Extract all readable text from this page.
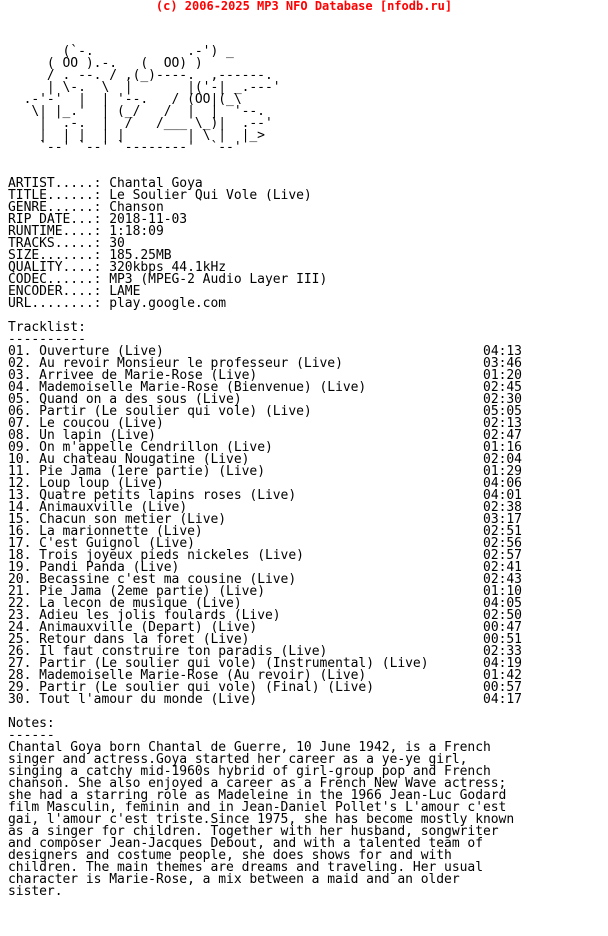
(c) 2006-2025 MP3 NFO Database [nfodb.ru]

(`-.            .-') _
( OO ).-.   (  OO) )
/ . --. / ,(_)----.  ,------.
| \-.  \  |       |('-| _.---'
.-'-'  |  | '--.   / (OO|(_\
\| |_.'  | (_/   /  |  |  '--.
|  .-.  |  /   /___ \_)|  .--'
|  | |  | |        | \ |  |_>
`--' `--' `--------'  `--'

ARTIST.....: Chantal Goya
TITLE......: Le Soulier Qui Vole (Live)
GENRE......: Chanson
RIP DATE...: 2018-11-03
RUNTIME....: 1:18:09
TRACKS.....: 30
SIZE.......: 185.25MB
QUALITY....: 320kbps 44.1kHz
CODEC......: MP3 (MPEG-2 Audio Layer III)
ENCODER....: LAME
URL........: play.google.com

Tracklist:
----------
01. Ouverture (Live)	04:13
02. Au revoir Monsieur le professeur (Live)	03:46
03. Arrivee de Marie-Rose (Live)	01:20
04. Mademoiselle Marie-Rose (Bienvenue) (Live)	02:45
05. Quand on a des sous (Live)	02:30
06. Partir (Le soulier qui vole) (Live)	05:05
07. Le coucou (Live)	02:13
08. Un lapin (Live)	02:47
09. On m'appelle Cendrillon (Live)	01:16
10. Au chateau Nougatine (Live)	02:04
11. Pie Jama (1ere partie) (Live)	01:29
12. Loup loup (Live)	04:06
13. Quatre petits lapins roses (Live)	04:01
14. Animauxville (Live)	02:38
15. Chacun son metier (Live)	03:17
16. La marionnette (Live)	02:51
17. C'est Guignol (Live)	02:56
18. Trois joyeux pieds nickeles (Live)	02:57
19. Pandi Panda (Live)	02:41
20. Becassine c'est ma cousine (Live)	02:43
21. Pie Jama (2eme partie) (Live)	01:10
22. La lecon de musique (Live)	04:05
23. Adieu les jolis foulards (Live)	02:50
24. Animauxville (Depart) (Live)	00:47
25. Retour dans la foret (Live)	00:51
26. Il faut construire ton paradis (Live)	02:33
27. Partir (Le soulier qui vole) (Instrumental) (Live)	04:19
28. Mademoiselle Marie-Rose (Au revoir) (Live)	01:42
29. Partir (Le soulier qui vole) (Final) (Live)	00:57
30. Tout l'amour du monde (Live)	04:17

Notes:
------
Chantal Goya born Chantal de Guerre, 10 June 1942, is a French
singer and actress.Goya started her career as a ye-ye girl,
singing a catchy mid-1960s hybrid of girl-group pop and French
chanson. She also enjoyed a career as a French New Wave actress;
she had a starring role as Madeleine in the 1966 Jean-Luc Godard
film Masculin, feminin and in Jean-Daniel Pollet's L'amour c'est
gai, l'amour c'est triste.Since 1975, she has become mostly known
as a singer for children. Together with her husband, songwriter
and composer Jean-Jacques Debout, and with a talented team of
designers and costume people, she does shows for and with
children. The main themes are dreams and traveling. Her usual
character is Marie-Rose, a mix between a maid and an older
sister.
